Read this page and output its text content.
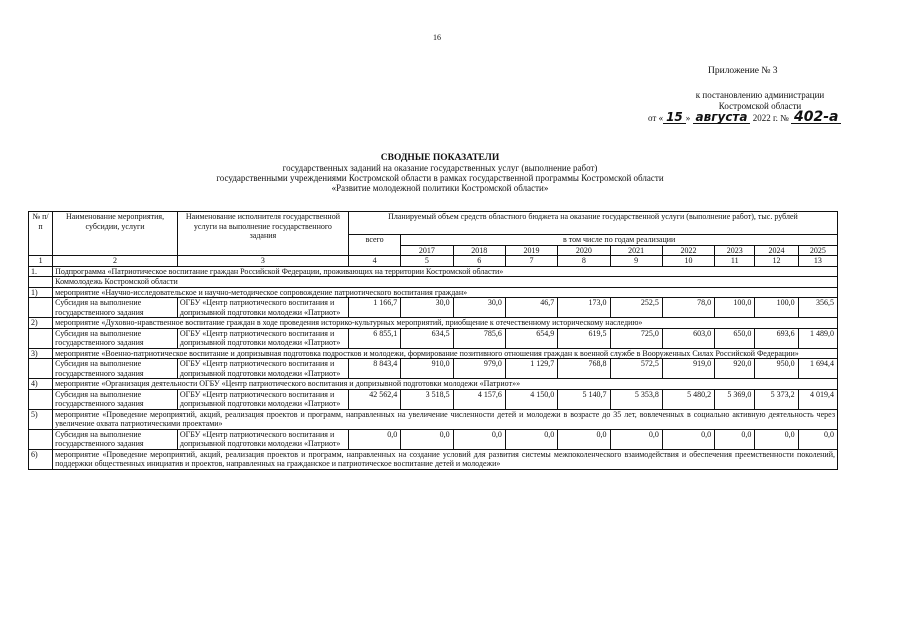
16
Приложение № 3
к постановлению администрации
Костромской области
от « 15 » августа 2022 г. № 402-а
СВОДНЫЕ ПОКАЗАТЕЛИ
государственных заданий на оказание государственных услуг (выполнение работ)
государственными учреждениями Костромской области в рамках государственной программы Костромской области
«Развитие молодежной политики Костромской области»
№ п/п	Наименование мероприятия, субсидии, услуги	Наименование исполнителя государственной услуги на выполнение государственного задания	Планируемый объем средств областного бюджета на оказание государственной услуги (выполнение работ), тыс. рублей									
			всего	в том числе по годам реализации								
				2017	2018	2019	2020	2021	2022	2023	2024	2025
1	2	3	4	5	6	7	8	9	10	11	12	13
1.	Подпрограмма «Патриотическое воспитание граждан Российской Федерации, проживающих на территории Костромской области»											
	Коммолодежь Костромской области											
1)	мероприятие «Научно-исследовательское и научно-методическое сопровождение патриотического воспитания граждан»											
	Субсидия на выполнение государственного задания	ОГБУ «Центр патриотического воспитания и допризывной подготовки молодежи «Патриот»	1 166,7	30,0	30,0	46,7	173,0	252,5	78,0	100,0	100,0	356,5
2)	мероприятие «Духовно-нравственное воспитание граждан в ходе проведения историко-культурных мероприятий, приобщение к отечественному историческому наследию»											
	Субсидия на выполнение государственного задания	ОГБУ «Центр патриотического воспитания и допризывной подготовки молодежи «Патриот»	6 855,1	634,5	785,6	654,9	619,5	725,0	603,0	650,0	693,6	1 489,0
3)	мероприятие «Военно-патриотическое воспитание и допризывная подготовка подростков и молодежи, формирование позитивного отношения граждан к военной службе в Вооруженных Силах Российской Федерации»											
	Субсидия на выполнение государственного задания	ОГБУ «Центр патриотического воспитания и допризывной подготовки молодежи «Патриот»	8 843,4	910,0	979,0	1 129,7	768,8	572,5	919,0	920,0	950,0	1 694,4
4)	мероприятие «Организация деятельности ОГБУ «Центр патриотического воспитания и допризывной подготовки молодежи «Патриот»»											
	Субсидия на выполнение государственного задания	ОГБУ «Центр патриотического воспитания и допризывной подготовки молодежи «Патриот»	42 562,4	3 518,5	4 157,6	4 150,0	5 140,7	5 353,8	5 480,2	5 369,0	5 373,2	4 019,4
5)	мероприятие «Проведение мероприятий, акций, реализация проектов и программ, направленных на увеличение численности детей и молодежи в возрасте до 35 лет, вовлеченных в социально активную деятельность через увеличение охвата патриотическими проектами»											
	Субсидия на выполнение государственного задания	ОГБУ «Центр патриотического воспитания и допризывной подготовки молодежи «Патриот»	0,0	0,0	0,0	0,0	0,0	0,0	0,0	0,0	0,0	0,0
6)	мероприятие «Проведение мероприятий, акций, реализация проектов и программ, направленных на создание условий для развития системы межпоколенческого взаимодействия и обеспечения преемственности поколений, поддержки общественных инициатив и проектов, направленных на гражданское и патриотическое воспитание детей и молодежи»											
